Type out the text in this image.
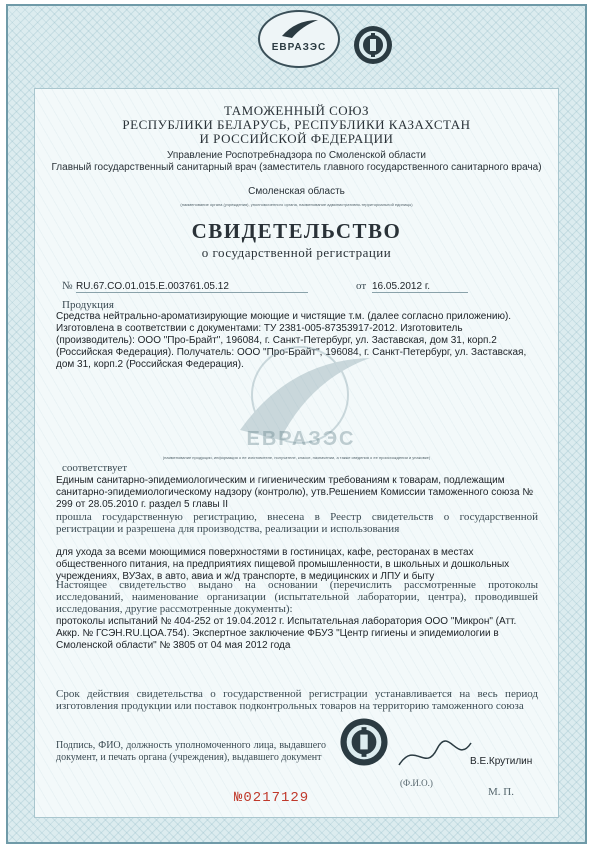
ЕВРАЗЭС
ТАМОЖЕННЫЙ СОЮЗ
РЕСПУБЛИКИ БЕЛАРУСЬ, РЕСПУБЛИКИ КАЗАХСТАН
И РОССИЙСКОЙ ФЕДЕРАЦИИ
Управление Роспотребнадзора по Смоленской области
Главный государственный санитарный врач (заместитель главного государственного санитарного врача)
Смоленская область
(наименование органа (учреждения), уполномоченного органа, наименование административно-территориальной единицы)
СВИДЕТЕЛЬСТВО
о государственной регистрации
№ RU.67.CO.01.015.E.003761.05.12	от 16.05.2012 г.
Продукция
Средства нейтрально-ароматизирующие моющие и чистящие т.м. (далее согласно приложению). Изготовлена в соответствии с документами: ТУ 2381-005-87353917-2012. Изготовитель (производитель): ООО "Про-Брайт", 196084, г. Санкт-Петербург, ул. Заставская, дом 31, корп.2 (Российская Федерация). Получатель: ООО "Про-Брайт", 196084, г. Санкт-Петербург, ул. Заставская, дом 31, корп.2 (Российская Федерация).
ЕВРАЗЭС
(наименование продукции, информация о ее изготовителе, получателе, классе, назначении, а также сведения о ее происхождении и упаковке)
соответствует
Единым санитарно-эпидемиологическим и гигиеническим требованиям к товарам, подлежащим санитарно-эпидемиологическому надзору (контролю), утв.Решением Комиссии таможенного союза № 299 от 28.05.2010 г. раздел 5 главы II
прошла государственную регистрацию, внесена в Реестр свидетельств о государственной регистрации и разрешена для производства, реализации и использования
для ухода за всеми моющимися поверхностями в гостиницах, кафе, ресторанах в местах общественного питания, на предприятиях пищевой промышленности, в школьных и дошкольных учреждениях, ВУЗах, в авто, авиа и ж/д транспорте, в медицинских и ЛПУ и быту
Настоящее свидетельство выдано на основании (перечислить рассмотренные протоколы исследований, наименование организации (испытательной лаборатории, центра), проводившей исследования, другие рассмотренные документы):
протоколы испытаний № 404-252 от 19.04.2012 г. Испытательная лаборатория ООО "Микрон" (Атт. Аккр. № ГСЭН.RU.ЦОА.754). Экспертное заключение ФБУЗ "Центр гигиены и эпидемиологии в Смоленской области" № 3805 от 04 мая 2012 года
Срок действия свидетельства о государственной регистрации устанавливается на весь период изготовления продукции или поставок подконтрольных товаров на территорию таможенного союза
Подпись, ФИО, должность уполномоченного лица, выдавшего документ, и печать органа (учреждения), выдавшего документ	В.Е.Крутилин
(Ф.И.О.)
М. П.
№0217129
